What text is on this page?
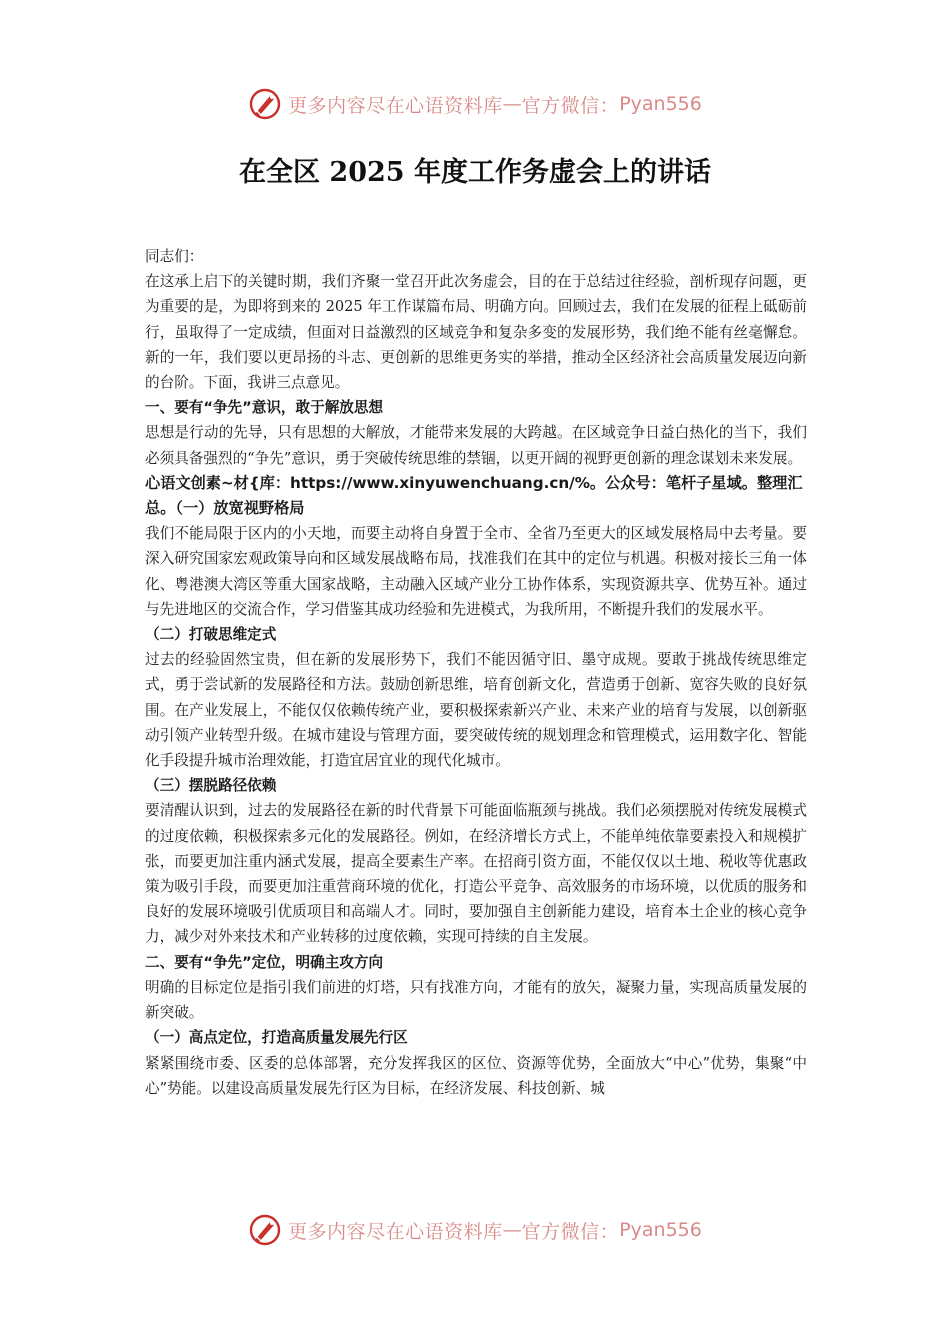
更多内容尽在心语资料库 — 官方微信： Pyan556
在全区 2025 年度工作务虚会上的讲话
同志们：
在这承上启下的关键时期，我们齐聚一堂召开此次务虚会，目的在于总结过往经验，剖析现存问题，更为重要的是，为即将到来的 2025 年工作谋篇布局、明确方向。回顾过去，我们在发展的征程上砥砺前行，虽取得了一定成绩，但面对日益激烈的区域竞争和复杂多变的发展形势，我们绝不能有丝毫懈怠。新的一年，我们要以更昂扬的斗志、更创新的思维更务实的举措，推动全区经济社会高质量发展迈向新的台阶。下面，我讲三点意见。
一、要有“争先”意识，敢于解放思想
思想是行动的先导，只有思想的大解放，才能带来发展的大跨越。在区域竞争日益白热化的当下，我们必须具备强烈的“争先”意识，勇于突破传统思维的禁锢，以更开阔的视野更创新的理念谋划未来发展。
心语文创素~材{库：https://www.xinyuwenchuang.cn/%。公众号：笔杆子星域。整理汇总。（一）放宽视野格局
我们不能局限于区内的小天地，而要主动将自身置于全市、全省乃至更大的区域发展格局中去考量。要深入研究国家宏观政策导向和区域发展战略布局，找准我们在其中的定位与机遇。积极对接长三角一体化、粤港澳大湾区等重大国家战略，主动融入区域产业分工协作体系，实现资源共享、优势互补。通过与先进地区的交流合作，学习借鉴其成功经验和先进模式，为我所用，不断提升我们的发展水平。
（二）打破思维定式
过去的经验固然宝贵，但在新的发展形势下，我们不能因循守旧、墨守成规。要敢于挑战传统思维定式，勇于尝试新的发展路径和方法。鼓励创新思维，培育创新文化，营造勇于创新、宽容失败的良好氛围。在产业发展上，不能仅仅依赖传统产业，要积极探索新兴产业、未来产业的培育与发展，以创新驱动引领产业转型升级。在城市建设与管理方面，要突破传统的规划理念和管理模式，运用数字化、智能化手段提升城市治理效能，打造宜居宜业的现代化城市。
（三）摆脱路径依赖
要清醒认识到，过去的发展路径在新的时代背景下可能面临瓶颈与挑战。我们必须摆脱对传统发展模式的过度依赖，积极探索多元化的发展路径。例如，在经济增长方式上，不能单纯依靠要素投入和规模扩张，而要更加注重内涵式发展，提高全要素生产率。在招商引资方面，不能仅仅以土地、税收等优惠政策为吸引手段，而要更加注重营商环境的优化，打造公平竞争、高效服务的市场环境，以优质的服务和良好的发展环境吸引优质项目和高端人才。同时，要加强自主创新能力建设，培育本土企业的核心竞争力，减少对外来技术和产业转移的过度依赖，实现可持续的自主发展。
二、要有“争先”定位，明确主攻方向
明确的目标定位是指引我们前进的灯塔，只有找准方向，才能有的放矢，凝聚力量，实现高质量发展的新突破。
（一）高点定位，打造高质量发展先行区
紧紧围绕市委、区委的总体部署，充分发挥我区的区位、资源等优势，全面放大“中心”优势，集聚“中心”势能。以建设高质量发展先行区为目标，在经济发展、科技创新、城
更多内容尽在心语资料库 — 官方微信： Pyan556
